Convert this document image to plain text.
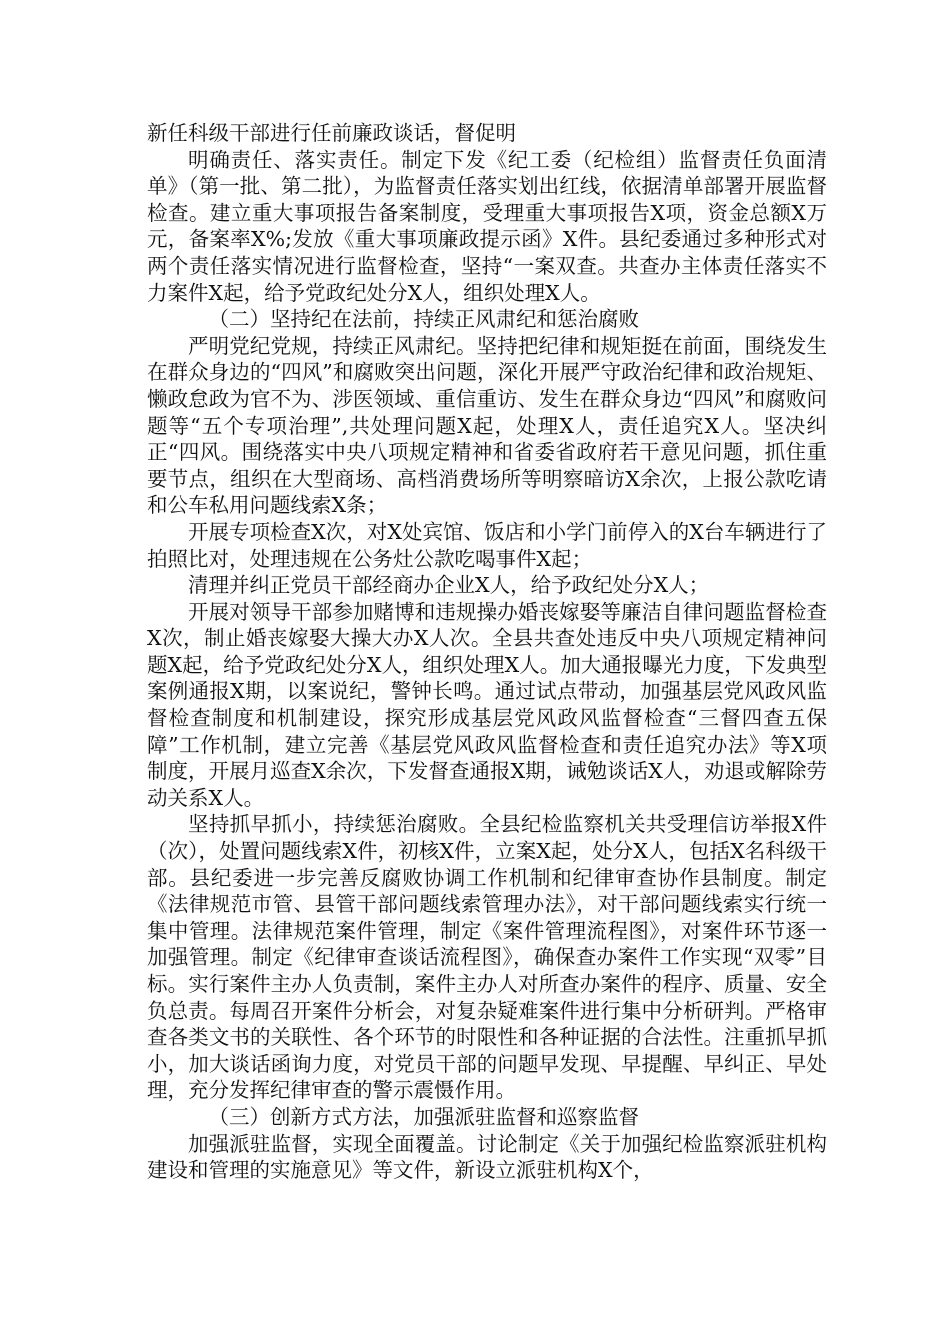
新任科级干部进行任前廉政谈话，督促明

明确责任、落实责任。制定下发《纪工委（纪检组）监督责任负面清单》（第一批、第二批），为监督责任落实划出红线，依据清单部署开展监督检查。建立重大事项报告备案制度，受理重大事项报告X项，资金总额X万元，备案率X%;发放《重大事项廉政提示函》X件。县纪委通过多种形式对两个责任落实情况进行监督检查，坚持“一案双查。共查办主体责任落实不力案件X起，给予党政纪处分X人，组织处理X人。

（二）坚持纪在法前，持续正风肃纪和惩治腐败

严明党纪党规，持续正风肃纪。坚持把纪律和规矩挺在前面，围绕发生在群众身边的“四风”和腐败突出问题，深化开展严守政治纪律和政治规矩、懒政怠政为官不为、涉医领域、重信重访、发生在群众身边“四风”和腐败问题等“五个专项治理”,共处理问题X起，处理X人，责任追究X人。坚决纠正“四风。围绕落实中央八项规定精神和省委省政府若干意见问题，抓住重要节点，组织在大型商场、高档消费场所等明察暗访X余次，上报公款吃请和公车私用问题线索X条；

开展专项检查X次，对X处宾馆、饭店和小学门前停入的X台车辆进行了拍照比对，处理违规在公务灶公款吃喝事件X起；

清理并纠正党员干部经商办企业X人，给予政纪处分X人；

开展对领导干部参加赌博和违规操办婚丧嫁娶等廉洁自律问题监督检查X次，制止婚丧嫁娶大操大办X人次。全县共查处违反中央八项规定精神问题X起，给予党政纪处分X人，组织处理X人。加大通报曝光力度，下发典型案例通报X期，以案说纪，警钟长鸣。通过试点带动，加强基层党风政风监督检查制度和机制建设，探究形成基层党风政风监督检查“三督四查五保障”工作机制，建立完善《基层党风政风监督检查和责任追究办法》等X项制度，开展月巡查X余次，下发督查通报X期，诫勉谈话X人，劝退或解除劳动关系X人。

坚持抓早抓小，持续惩治腐败。全县纪检监察机关共受理信访举报X件（次），处置问题线索X件，初核X件，立案X起，处分X人，包括X名科级干部。县纪委进一步完善反腐败协调工作机制和纪律审查协作县制度。制定《法律规范市管、县管干部问题线索管理办法》，对干部问题线索实行统一集中管理。法律规范案件管理，制定《案件管理流程图》，对案件环节逐一加强管理。制定《纪律审查谈话流程图》，确保查办案件工作实现“双零”目标。实行案件主办人负责制，案件主办人对所查办案件的程序、质量、安全负总责。每周召开案件分析会，对复杂疑难案件进行集中分析研判。严格审查各类文书的关联性、各个环节的时限性和各种证据的合法性。注重抓早抓小，加大谈话函询力度，对党员干部的问题早发现、早提醒、早纠正、早处理，充分发挥纪律审查的警示震慑作用。

（三）创新方式方法，加强派驻监督和巡察监督

加强派驻监督，实现全面覆盖。讨论制定《关于加强纪检监察派驻机构建设和管理的实施意见》等文件，新设立派驻机构X个，
